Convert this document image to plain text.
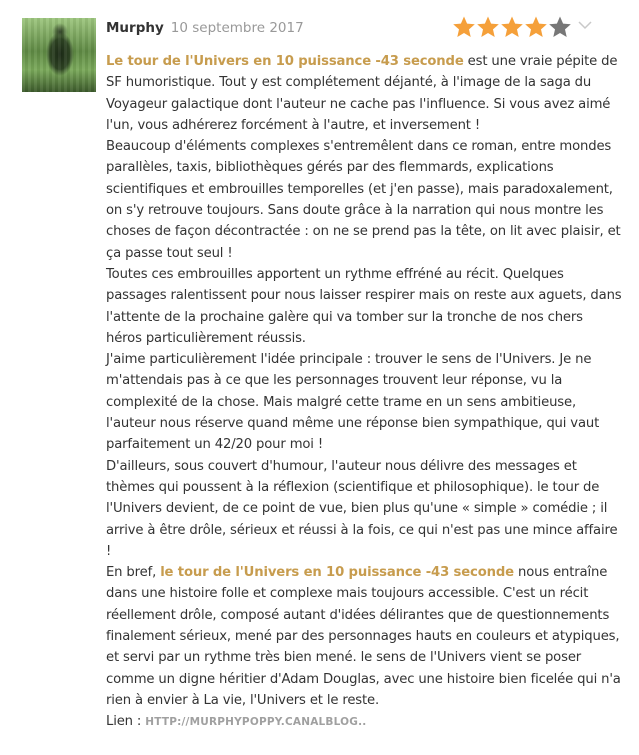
Murphy 10 septembre 2017

Le tour de l'Univers en 10 puissance -43 seconde est une vraie pépite de SF humoristique. Tout y est complétement déjanté, à l'image de la saga du Voyageur galactique dont l'auteur ne cache pas l'influence. Si vous avez aimé l'un, vous adhérerez forcément à l'autre, et inversement !

Beaucoup d'éléments complexes s'entremêlent dans ce roman, entre mondes parallèles, taxis, bibliothèques gérés par des flemmards, explications scientifiques et embrouilles temporelles (et j'en passe), mais paradoxalement, on s'y retrouve toujours. Sans doute grâce à la narration qui nous montre les choses de façon décontractée : on ne se prend pas la tête, on lit avec plaisir, et ça passe tout seul !

Toutes ces embrouilles apportent un rythme effréné au récit. Quelques passages ralentissent pour nous laisser respirer mais on reste aux aguets, dans l'attente de la prochaine galère qui va tomber sur la tronche de nos chers héros particulièrement réussis.

J'aime particulièrement l'idée principale : trouver le sens de l'Univers. Je ne m'attendais pas à ce que les personnages trouvent leur réponse, vu la complexité de la chose. Mais malgré cette trame en un sens ambitieuse, l'auteur nous réserve quand même une réponse bien sympathique, qui vaut parfaitement un 42/20 pour moi !

D'ailleurs, sous couvert d'humour, l'auteur nous délivre des messages et thèmes qui poussent à la réflexion (scientifique et philosophique). le tour de l'Univers devient, de ce point de vue, bien plus qu'une « simple » comédie ; il arrive à être drôle, sérieux et réussi à la fois, ce qui n'est pas une mince affaire !

En bref, le tour de l'Univers en 10 puissance -43 seconde nous entraîne dans une histoire folle et complexe mais toujours accessible. C'est un récit réellement drôle, composé autant d'idées délirantes que de questionnements finalement sérieux, mené par des personnages hauts en couleurs et atypiques, et servi par un rythme très bien mené. le sens de l'Univers vient se poser comme un digne héritier d'Adam Douglas, avec une histoire bien ficelée qui n'a rien à envier à La vie, l'Univers et le reste.

Lien : HTTP://MURPHYPOPPY.CANALBLOG..
